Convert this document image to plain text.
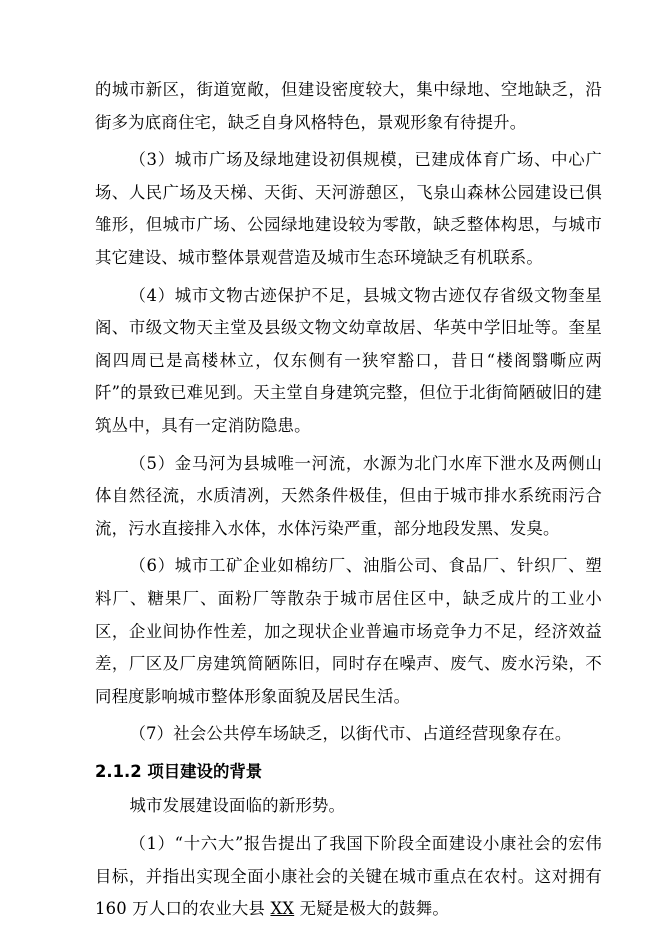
的城市新区，街道宽敞，但建设密度较大，集中绿地、空地缺乏，沿街多为底商住宅，缺乏自身风格特色，景观形象有待提升。

（3）城市广场及绿地建设初俱规模，已建成体育广场、中心广场、人民广场及天梯、天街、天河游憩区，飞泉山森林公园建设已俱雏形，但城市广场、公园绿地建设较为零散，缺乏整体构思，与城市其它建设、城市整体景观营造及城市生态环境缺乏有机联系。

（4）城市文物古迹保护不足，县城文物古迹仅存省级文物奎星阁、市级文物天主堂及县级文物文幼章故居、华英中学旧址等。奎星阁四周已是高楼林立，仅东侧有一狭窄豁口，昔日“楼阁翳嘶应两阡”的景致已难见到。天主堂自身建筑完整，但位于北街简陋破旧的建筑丛中，具有一定消防隐患。

（5）金马河为县城唯一河流，水源为北门水库下泄水及两侧山体自然径流，水质清冽，天然条件极佳，但由于城市排水系统雨污合流，污水直接排入水体，水体污染严重，部分地段发黑、发臭。

（6）城市工矿企业如棉纺厂、油脂公司、食品厂、针织厂、塑料厂、糖果厂、面粉厂等散杂于城市居住区中，缺乏成片的工业小区，企业间协作性差，加之现状企业普遍市场竞争力不足，经济效益差，厂区及厂房建筑简陋陈旧，同时存在噪声、废气、废水污染，不同程度影响城市整体形象面貌及居民生活。

（7）社会公共停车场缺乏，以街代市、占道经营现象存在。

2.1.2 项目建设的背景

城市发展建设面临的新形势。

（1）“十六大”报告提出了我国下阶段全面建设小康社会的宏伟目标，并指出实现全面小康社会的关键在城市重点在农村。这对拥有 160 万人口的农业大县 XX 无疑是极大的鼓舞。
